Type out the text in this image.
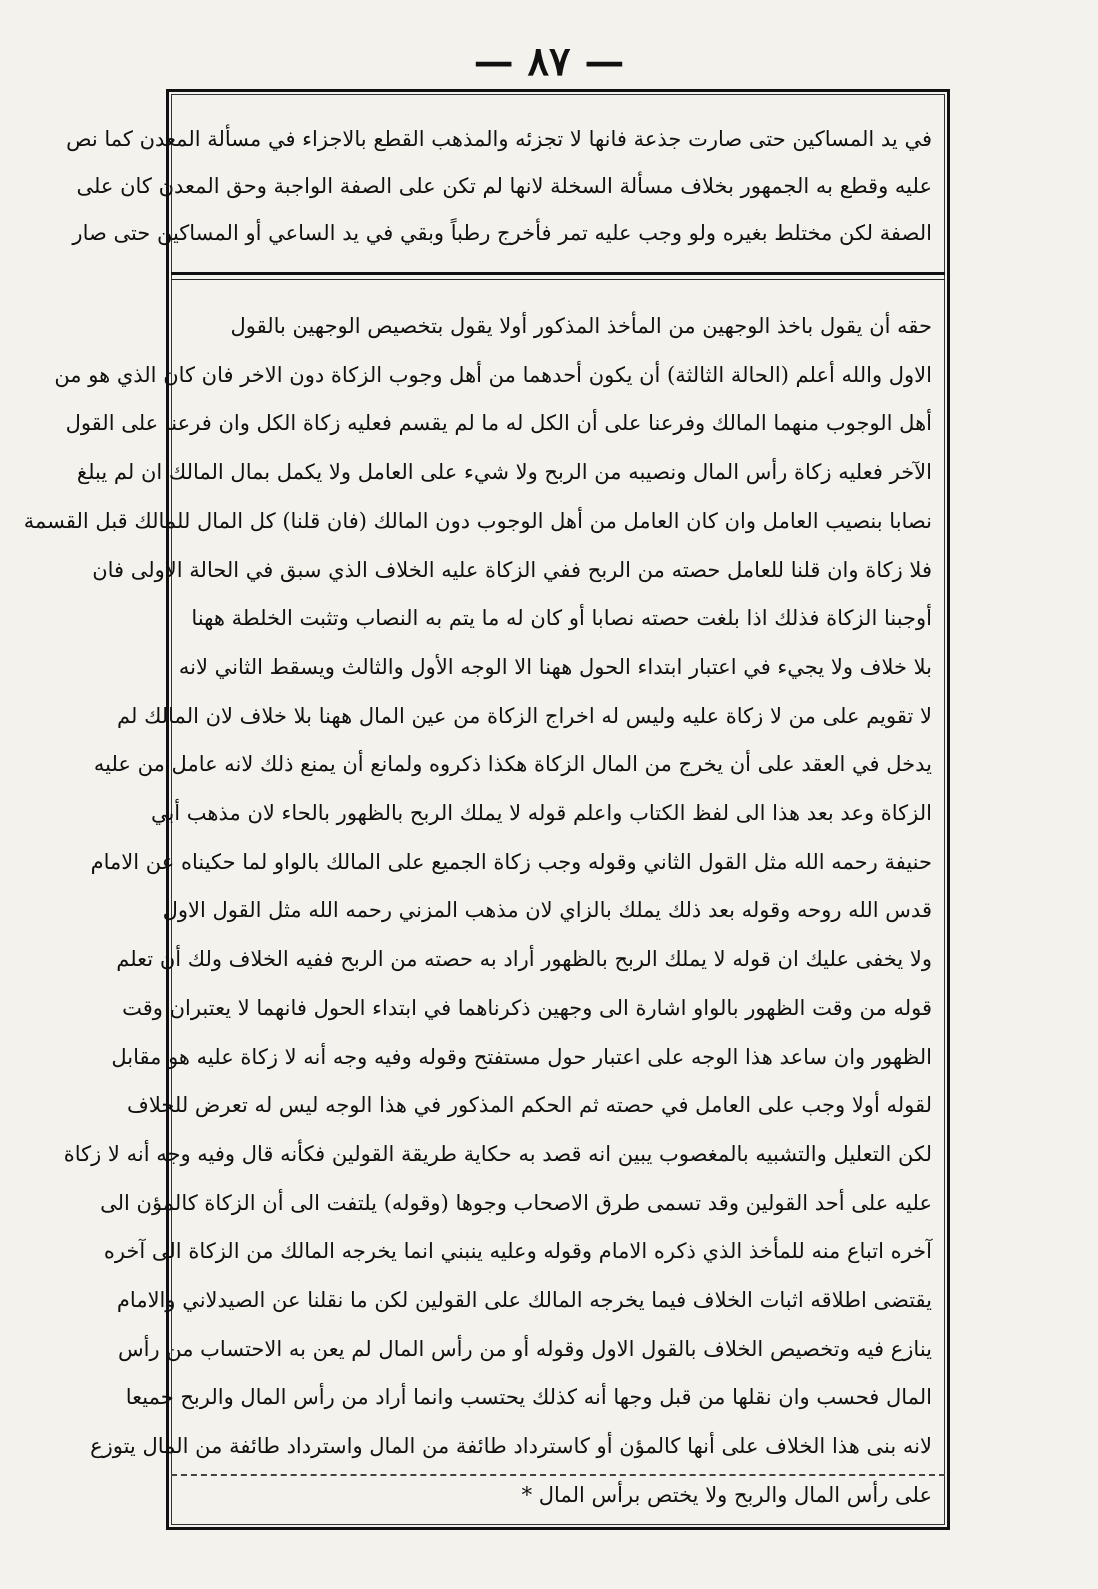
— ٨٧ —

في يد المساكين حتى صارت جذعة فانها لا تجزئه والمذهب القطع بالاجزاء في مسألة المعدن كما نص

عليه وقطع به الجمهور بخلاف مسألة السخلة لانها لم تكن على الصفة الواجبة وحق المعدن كان على

الصفة لكن مختلط بغيره ولو وجب عليه تمر فأخرج رطباً وبقي في يد الساعي أو المساكين حتى صار

حقه أن يقول باخذ الوجهين من المأخذ المذكور أولا يقول بتخصيص الوجهين بالقول

الاول والله أعلم (الحالة الثالثة) أن يكون أحدهما من أهل وجوب الزكاة دون الاخر فان كان الذي هو من

أهل الوجوب منهما المالك وفرعنا على أن الكل له ما لم يقسم فعليه زكاة الكل وان فرعنا على القول

الآخر فعليه زكاة رأس المال ونصيبه من الربح ولا شيء على العامل ولا يكمل بمال المالك ان لم يبلغ

نصابا بنصيب العامل وان كان العامل من أهل الوجوب دون المالك (فان قلنا) كل المال للمالك قبل القسمة

فلا زكاة وان قلنا للعامل حصته من الربح ففي الزكاة عليه الخلاف الذي سبق في الحالة الاولى فان

أوجبنا الزكاة فذلك اذا بلغت حصته نصابا أو كان له ما يتم به النصاب وتثبت الخلطة ههنا

بلا خلاف ولا يجيء في اعتبار ابتداء الحول ههنا الا الوجه الأول والثالث ويسقط الثاني لانه

لا تقويم على من لا زكاة عليه وليس له اخراج الزكاة من عين المال ههنا بلا خلاف لان المالك لم

يدخل في العقد على أن يخرج من المال الزكاة هكذا ذكروه ولمانع أن يمنع ذلك لانه عامل من عليه

الزكاة وعد بعد هذا الى لفظ الكتاب واعلم قوله لا يملك الربح بالظهور بالحاء لان مذهب أبي

حنيفة رحمه الله مثل القول الثاني وقوله وجب زكاة الجميع على المالك بالواو لما حكيناه عن الامام

قدس الله روحه وقوله بعد ذلك يملك بالزاي لان مذهب المزني رحمه الله مثل القول الاول

ولا يخفى عليك ان قوله لا يملك الربح بالظهور أراد به حصته من الربح ففيه الخلاف ولك أن تعلم

قوله من وقت الظهور بالواو اشارة الى وجهين ذكرناهما في ابتداء الحول فانهما لا يعتبران وقت

الظهور وان ساعد هذا الوجه على اعتبار حول مستفتح وقوله وفيه وجه أنه لا زكاة عليه هو مقابل

لقوله أولا وجب على العامل في حصته ثم الحكم المذكور في هذا الوجه ليس له تعرض للخلاف

لكن التعليل والتشبيه بالمغصوب يبين انه قصد به حكاية طريقة القولين فكأنه قال وفيه وجه أنه لا زكاة

عليه على أحد القولين وقد تسمى طرق الاصحاب وجوها (وقوله) يلتفت الى أن الزكاة كالمؤن الى

آخره اتباع منه للمأخذ الذي ذكره الامام وقوله وعليه ينبني انما يخرجه المالك من الزكاة الى آخره

يقتضى اطلاقه اثبات الخلاف فيما يخرجه المالك على القولين لكن ما نقلنا عن الصيدلاني والامام

ينازع فيه وتخصيص الخلاف بالقول الاول وقوله أو من رأس المال لم يعن به الاحتساب من رأس

المال فحسب وان نقلها من قبل وجها أنه كذلك يحتسب وانما أراد من رأس المال والربح جميعا

لانه بنى هذا الخلاف على أنها كالمؤن أو كاسترداد طائفة من المال واسترداد طائفة من المال يتوزع

على رأس المال والربح ولا يختص برأس المال *
